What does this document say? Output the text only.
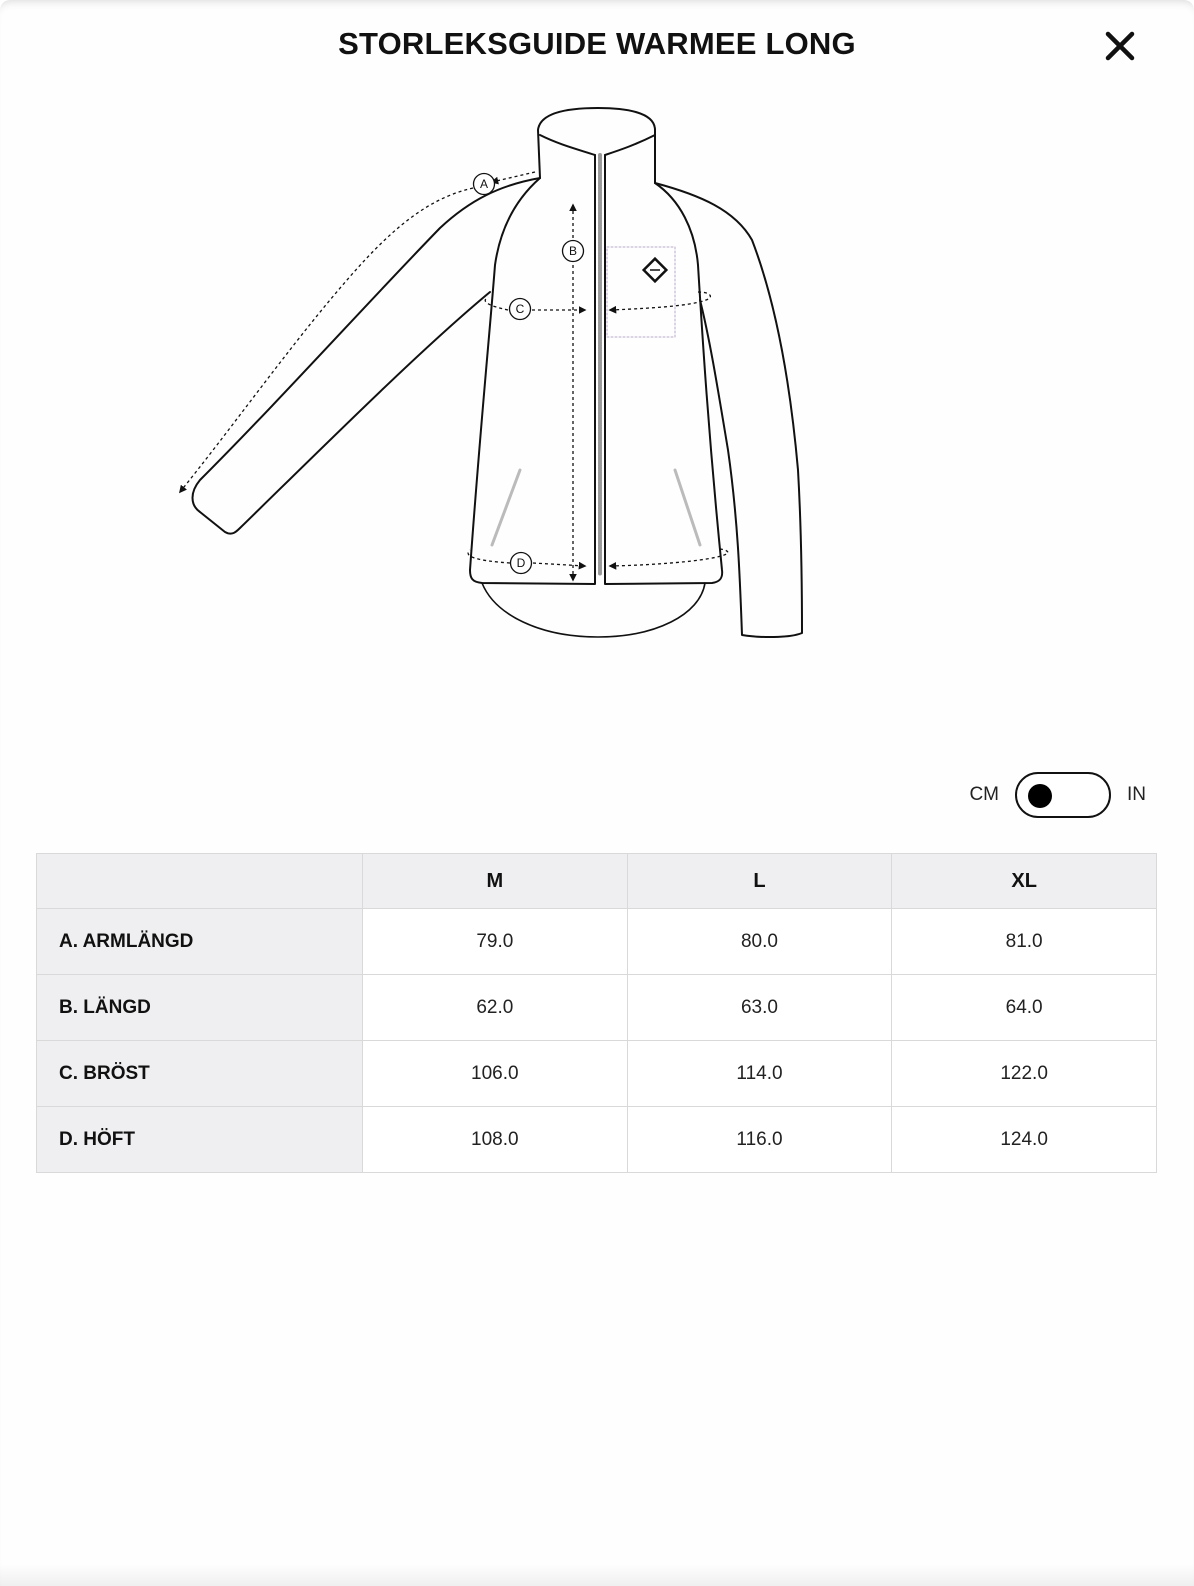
STORLEKSGUIDE WARMEE LONG
A
B
C
D
CM	IN
	M	L	XL
A. ARMLÄNGD	79.0	80.0	81.0
B. LÄNGD	62.0	63.0	64.0
C. BRÖST	106.0	114.0	122.0
D. HÖFT	108.0	116.0	124.0
